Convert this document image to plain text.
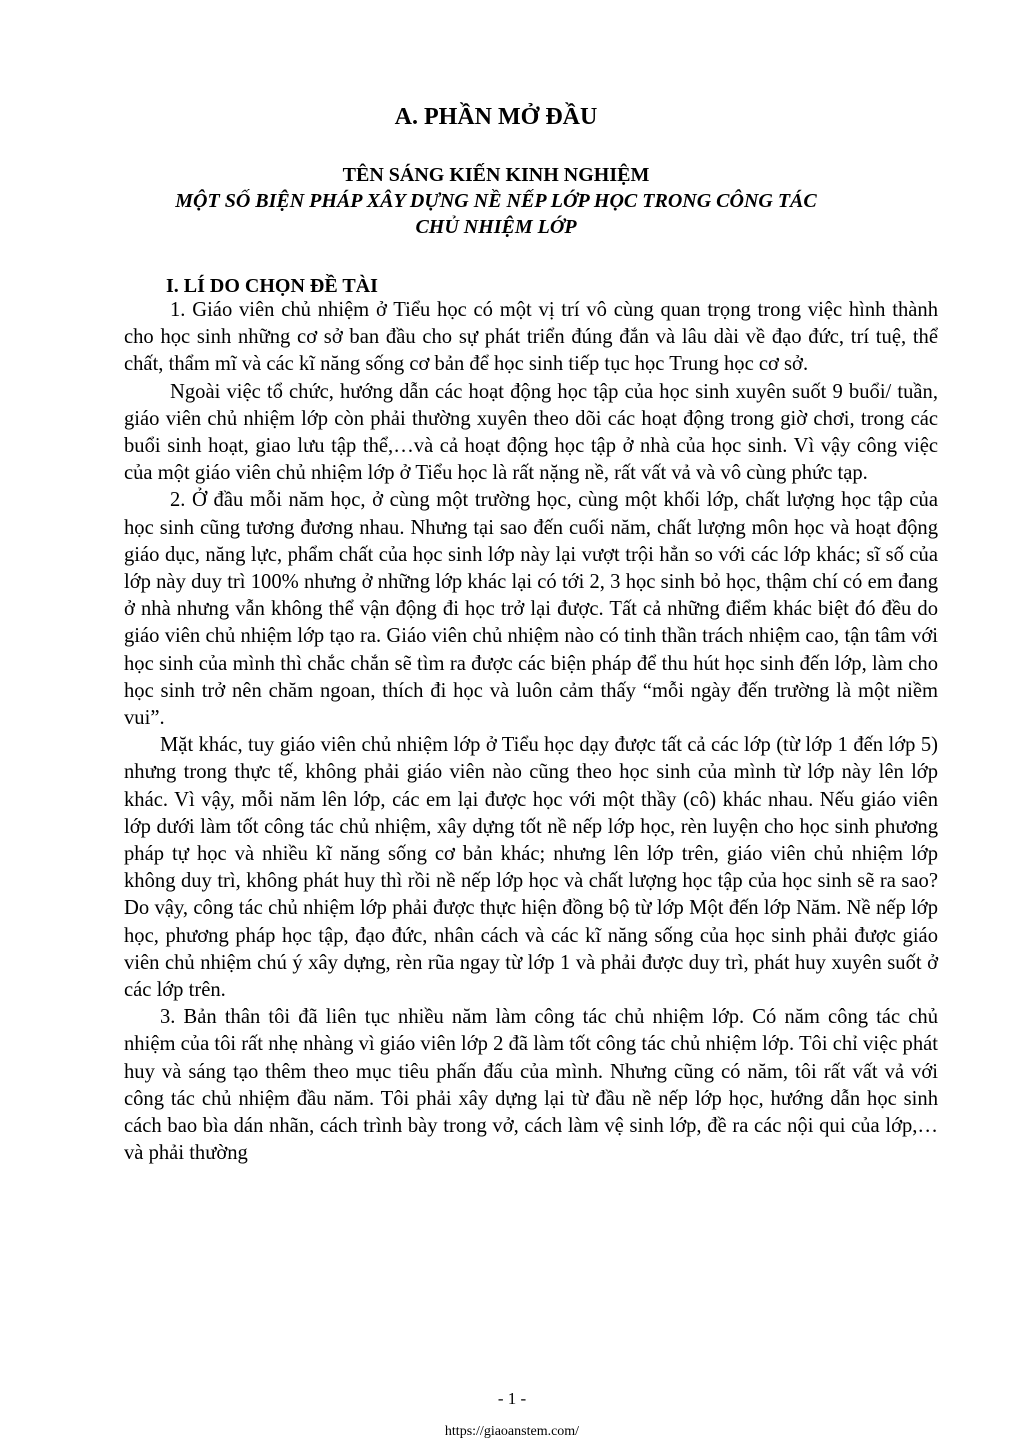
A. PHẦN MỞ ĐẦU
TÊN SÁNG KIẾN KINH NGHIỆM
MỘT SỐ BIỆN PHÁP XÂY DỰNG NỀ NẾP LỚP HỌC TRONG CÔNG TÁC
CHỦ NHIỆM LỚP
I. LÍ DO CHỌN ĐỀ TÀI

1. Giáo viên chủ nhiệm ở Tiểu học có một vị trí vô cùng quan trọng trong việc hình thành cho học sinh những cơ sở ban đầu cho sự phát triển đúng đắn và lâu dài về đạo đức, trí tuệ, thể chất, thẩm mĩ và các kĩ năng sống cơ bản để học sinh tiếp tục học Trung học cơ sở.

Ngoài việc tổ chức, hướng dẫn các hoạt động học tập của học sinh xuyên suốt 9 buổi/ tuần, giáo viên chủ nhiệm lớp còn phải thường xuyên theo dõi các hoạt động trong giờ chơi, trong các buổi sinh hoạt, giao lưu tập thể,…và cả hoạt động học tập ở nhà của học sinh. Vì vậy công việc của một giáo viên chủ nhiệm lớp ở Tiểu học là rất nặng nề, rất vất vả và vô cùng phức tạp.

2. Ở đầu mỗi năm học, ở cùng một trường học, cùng một khối lớp, chất lượng học tập của học sinh cũng tương đương nhau. Nhưng tại sao đến cuối năm, chất lượng môn học và hoạt động giáo dục, năng lực, phẩm chất của học sinh lớp này lại vượt trội hẳn so với các lớp khác; sĩ số của lớp này duy trì 100% nhưng ở những lớp khác lại có tới 2, 3 học sinh bỏ học, thậm chí có em đang ở nhà nhưng vẫn không thể vận động đi học trở lại được. Tất cả những điểm khác biệt đó đều do giáo viên chủ nhiệm lớp tạo ra. Giáo viên chủ nhiệm nào có tinh thần trách nhiệm cao, tận tâm với học sinh của mình thì chắc chắn sẽ tìm ra được các biện pháp để thu hút học sinh đến lớp, làm cho học sinh trở nên chăm ngoan, thích đi học và luôn cảm thấy “mỗi ngày đến trường là một niềm vui”.

Mặt khác, tuy giáo viên chủ nhiệm lớp ở Tiểu học dạy được tất cả các lớp (từ lớp 1 đến lớp 5) nhưng trong thực tế, không phải giáo viên nào cũng theo học sinh của mình từ lớp này lên lớp khác. Vì vậy, mỗi năm lên lớp, các em lại được học với một thầy (cô) khác nhau. Nếu giáo viên lớp dưới làm tốt công tác chủ nhiệm, xây dựng tốt nề nếp lớp học, rèn luyện cho học sinh phương pháp tự học và nhiều kĩ năng sống cơ bản khác; nhưng lên lớp trên, giáo viên chủ nhiệm lớp không duy trì, không phát huy thì rồi nề nếp lớp học và chất lượng học tập của học sinh sẽ ra sao? Do vậy, công tác chủ nhiệm lớp phải được thực hiện đồng bộ từ lớp Một đến lớp Năm. Nề nếp lớp học, phương pháp học tập, đạo đức, nhân cách và các kĩ năng sống của học sinh phải được giáo viên chủ nhiệm chú ý xây dựng, rèn rũa ngay từ lớp 1 và phải được duy trì, phát huy xuyên suốt ở các lớp trên.

3. Bản thân tôi đã liên tục nhiều năm làm công tác chủ nhiệm lớp. Có năm công tác chủ nhiệm của tôi rất nhẹ nhàng vì giáo viên lớp 2 đã làm tốt công tác chủ nhiệm lớp. Tôi chỉ việc phát huy và sáng tạo thêm theo mục tiêu phấn đấu của mình. Nhưng cũng có năm, tôi rất vất vả với công tác chủ nhiệm đầu năm. Tôi phải xây dựng lại từ đầu nề nếp lớp học, hướng dẫn học sinh cách bao bìa dán nhãn, cách trình bày trong vở, cách làm vệ sinh lớp, đề ra các nội qui của lớp,…và phải thường

- 1 -
https://giaoanstem.com/
